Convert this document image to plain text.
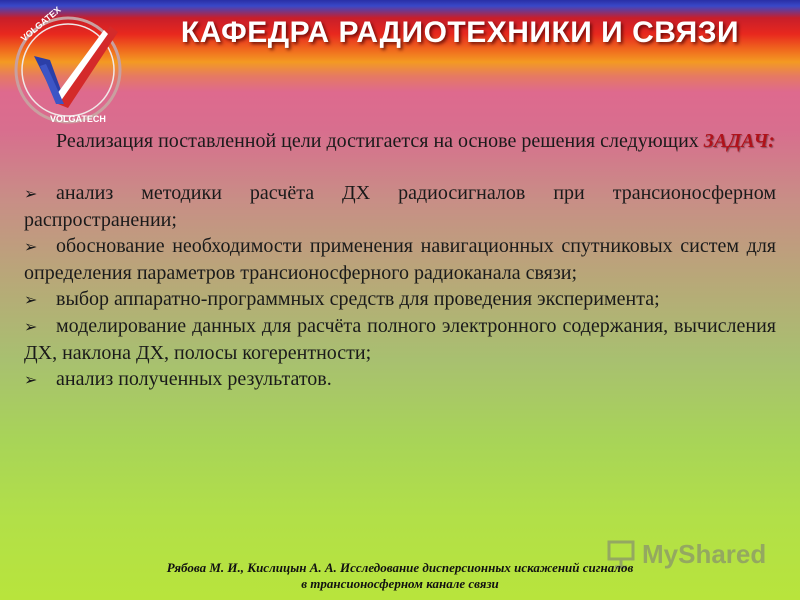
VOLGATEX
VOLGATECH
КАФЕДРА РАДИОТЕХНИКИ И СВЯЗИ

Реализация поставленной цели достигается на основе решения следующих ЗАДАЧ:

➢ анализ методики расчёта ДХ радиосигналов при трансионосферном распространении;
➢ обоснование необходимости применения навигационных спутниковых систем для определения параметров трансионосферного радиоканала связи;
➢ выбор аппаратно-программных средств для проведения эксперимента;
➢ моделирование данных для расчёта полного электронного содержания, вычисления ДХ, наклона ДХ, полосы когерентности;
➢ анализ полученных результатов.
MyShared
Рябова М. И., Кислицын А. А. Исследование дисперсионных искажений сигналов
в трансионосферном канале связи
